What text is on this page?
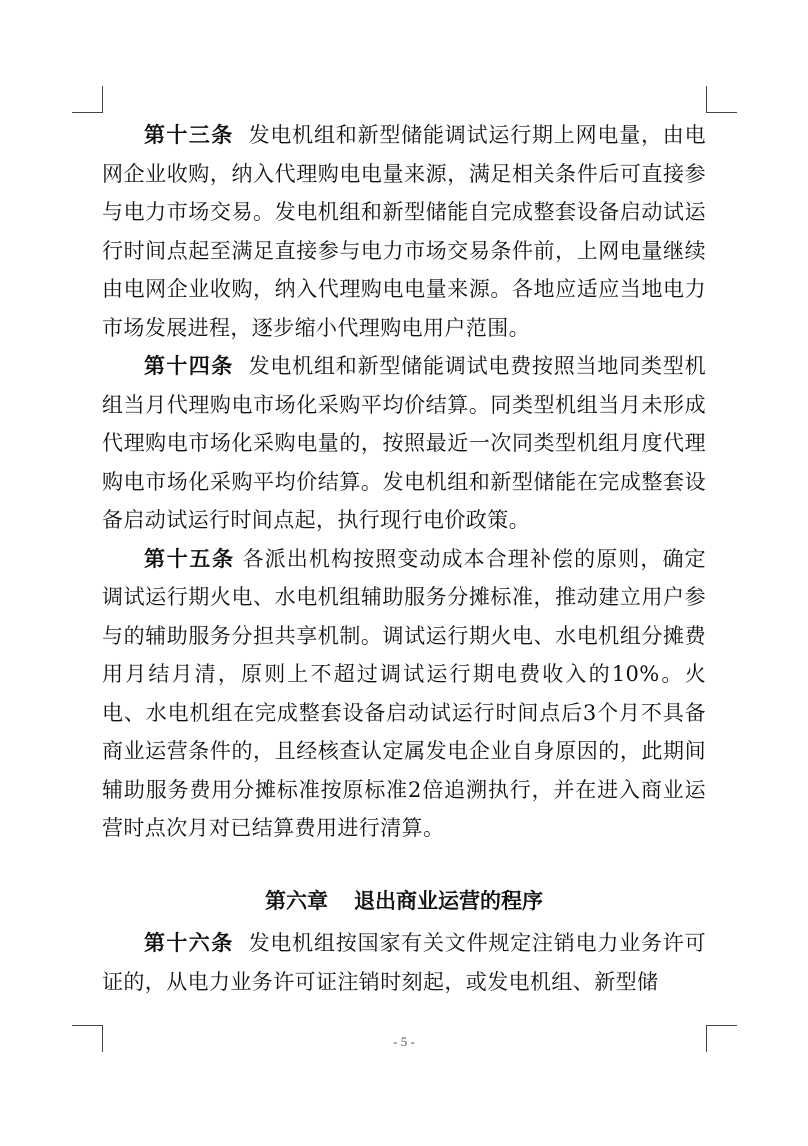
第十三条 发电机组和新型储能调试运行期上网电量，由电网企业收购，纳入代理购电电量来源，满足相关条件后可直接参与电力市场交易。发电机组和新型储能自完成整套设备启动试运行时间点起至满足直接参与电力市场交易条件前，上网电量继续由电网企业收购，纳入代理购电电量来源。各地应适应当地电力市场发展进程，逐步缩小代理购电用户范围。

第十四条 发电机组和新型储能调试电费按照当地同类型机组当月代理购电市场化采购平均价结算。同类型机组当月未形成代理购电市场化采购电量的，按照最近一次同类型机组月度代理购电市场化采购平均价结算。发电机组和新型储能在完成整套设备启动试运行时间点起，执行现行电价政策。

第十五条 各派出机构按照变动成本合理补偿的原则，确定调试运行期火电、水电机组辅助服务分摊标准，推动建立用户参与的辅助服务分担共享机制。调试运行期火电、水电机组分摊费用月结月清，原则上不超过调试运行期电费收入的10%。火电、水电机组在完成整套设备启动试运行时间点后3个月不具备商业运营条件的，且经核查认定属发电企业自身原因的，此期间辅助服务费用分摊标准按原标准2倍追溯执行，并在进入商业运营时点次月对已结算费用进行清算。

第六章 退出商业运营的程序

第十六条 发电机组按国家有关文件规定注销电力业务许可证的，从电力业务许可证注销时刻起，或发电机组、新型储

- 5 -
